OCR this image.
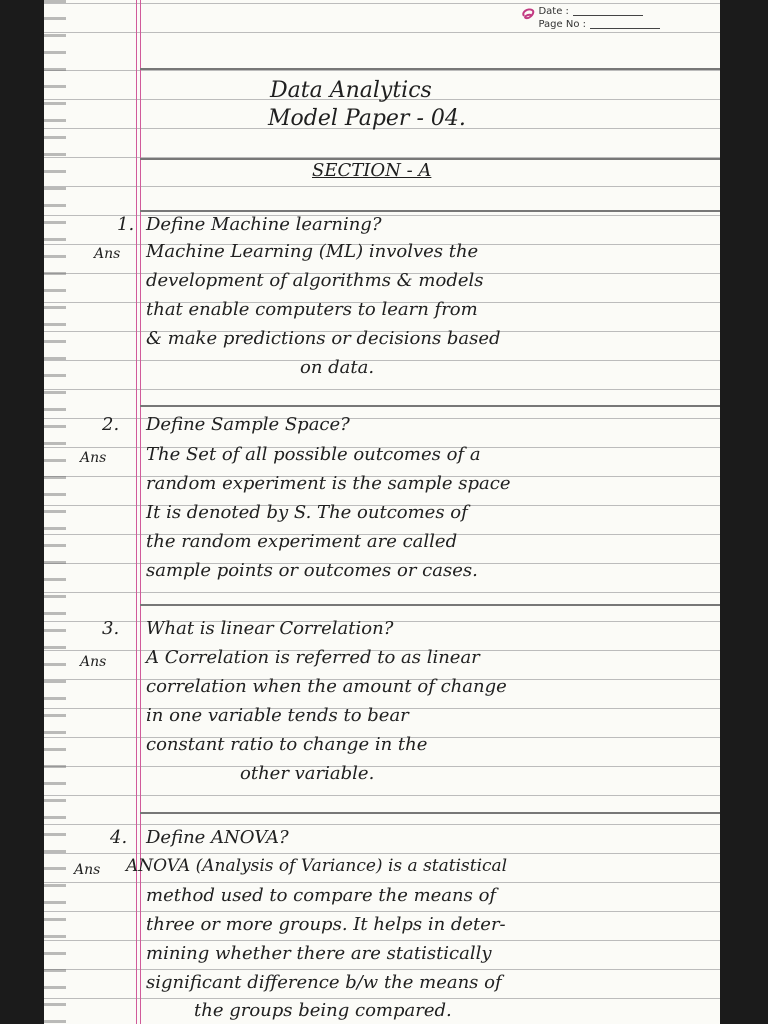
Date :
Page No :
Data Analytics
Model Paper - 04.
SECTION - A
1. Define Machine learning?
Ans Machine Learning (ML) involves the
development of algorithms & models
that enable computers to learn from
& make predictions or decisions based
on data.
2. Define Sample Space?
Ans The Set of all possible outcomes of a
random experiment is the sample space
It is denoted by S. The outcomes of
the random experiment are called
sample points or outcomes or cases.
3. What is linear Correlation?
Ans A Correlation is referred to as linear
correlation when the amount of change
in one variable tends to bear
constant ratio to change in the
other variable.
4. Define ANOVA?
Ans ANOVA (Analysis of Variance) is a statistical
method used to compare the means of
three or more groups. It helps in deter-
mining whether there are statistically
significant difference b/w the means of
the groups being compared.
